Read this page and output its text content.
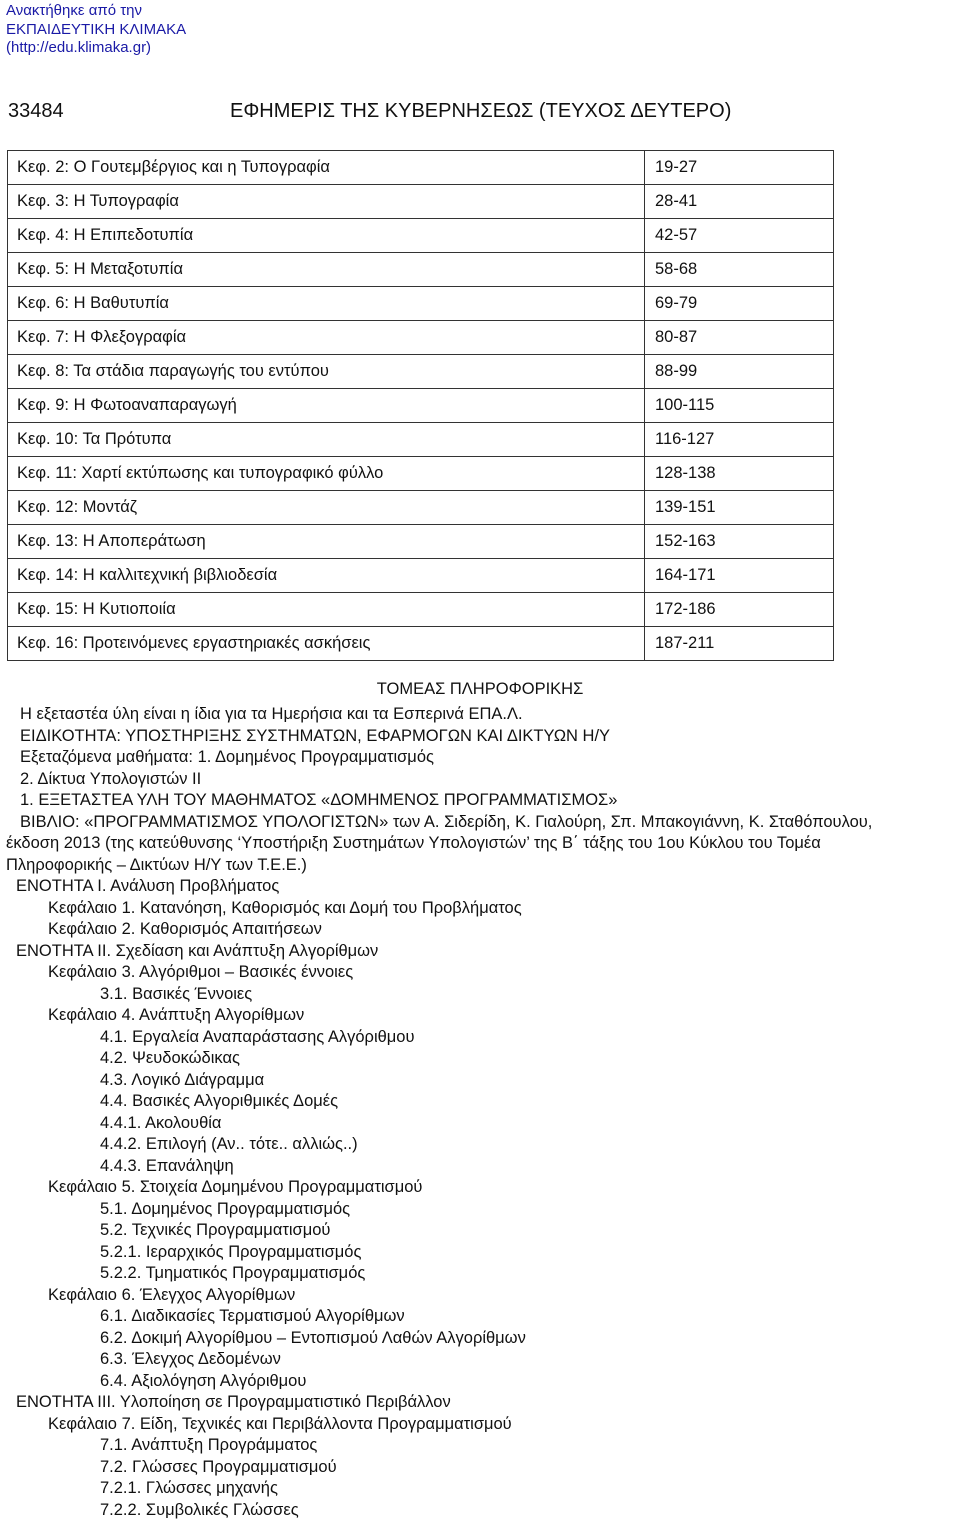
Ανακτήθηκε από την
ΕΚΠΑΙΔΕΥΤΙΚΗ ΚΛΙΜΑΚΑ
(http://edu.klimaka.gr)
33484	ΕΦΗΜΕΡΙΣ ΤΗΣ ΚΥΒΕΡΝΗΣΕΩΣ (ΤΕΥΧΟΣ ΔΕΥΤΕΡΟ)
Κεφ. 2: Ο Γουτεμβέργιος και η Τυπογραφία	19-27
Κεφ. 3: Η Τυπογραφία	28-41
Κεφ. 4: Η Επιπεδοτυπία	42-57
Κεφ. 5: Η Μεταξοτυπία	58-68
Κεφ. 6: Η Βαθυτυπία	69-79
Κεφ. 7: Η Φλεξογραφία	80-87
Κεφ. 8: Τα στάδια παραγωγής του εντύπου	88-99
Κεφ. 9: Η Φωτοαναπαραγωγή	100-115
Κεφ. 10: Τα Πρότυπα	116-127
Κεφ. 11: Χαρτί εκτύπωσης και τυπογραφικό φύλλο	128-138
Κεφ. 12: Μοντάζ	139-151
Κεφ. 13: Η Αποπεράτωση	152-163
Κεφ. 14: Η καλλιτεχνική βιβλιοδεσία	164-171
Κεφ. 15: Η Κυτιοποιία	172-186
Κεφ. 16: Προτεινόμενες εργαστηριακές ασκήσεις	187-211
ΤΟΜΕΑΣ ΠΛΗΡΟΦΟΡΙΚΗΣ
Η εξεταστέα ύλη είναι η ίδια για τα Ημερήσια και τα Εσπερινά ΕΠΑ.Λ.
ΕΙΔΙΚΟΤΗΤΑ: ΥΠΟΣΤΗΡΙΞΗΣ ΣΥΣΤΗΜΑΤΩΝ, ΕΦΑΡΜΟΓΩΝ ΚΑΙ ΔΙΚΤΥΩΝ Η/Υ
Εξεταζόμενα μαθήματα: 1. Δομημένος Προγραμματισμός
2. Δίκτυα Υπολογιστών ΙΙ
1. ΕΞΕΤΑΣΤΕΑ ΥΛΗ ΤΟΥ ΜΑΘΗΜΑΤΟΣ «ΔΟΜΗΜΕΝΟΣ ΠΡΟΓΡΑΜΜΑΤΙΣΜΟΣ»
ΒΙΒΛΙΟ: «ΠΡΟΓΡΑΜΜΑΤΙΣΜΟΣ ΥΠΟΛΟΓΙΣΤΩΝ» των Α. Σιδερίδη, Κ. Γιαλούρη, Σπ. Μπακογιάννη, Κ. Σταθόπουλου,
έκδοση 2013 (της κατεύθυνσης ‘Υποστήριξη Συστημάτων Υπολογιστών’ της Β΄ τάξης του 1ου Κύκλου του Τομέα
Πληροφορικής – Δικτύων Η/Υ των Τ.Ε.Ε.)
ΕΝΟΤΗΤΑ Ι. Ανάλυση Προβλήματος
Κεφάλαιο 1. Κατανόηση, Καθορισμός και Δομή του Προβλήματος
Κεφάλαιο 2. Καθορισμός Απαιτήσεων
ΕΝΟΤΗΤΑ ΙΙ. Σχεδίαση και Ανάπτυξη Αλγορίθμων
Κεφάλαιο 3. Αλγόριθμοι – Βασικές έννοιες
3.1. Βασικές Έννοιες
Κεφάλαιο 4. Ανάπτυξη Αλγορίθμων
4.1. Εργαλεία Αναπαράστασης Αλγόριθμου
4.2. Ψευδοκώδικας
4.3. Λογικό Διάγραμμα
4.4. Βασικές Αλγοριθμικές Δομές
4.4.1. Ακολουθία
4.4.2. Επιλογή (Αν.. τότε.. αλλιώς..)
4.4.3. Επανάληψη
Κεφάλαιο 5. Στοιχεία Δομημένου Προγραμματισμού
5.1. Δομημένος Προγραμματισμός
5.2. Τεχνικές Προγραμματισμού
5.2.1. Ιεραρχικός Προγραμματισμός
5.2.2. Τμηματικός Προγραμματισμός
Κεφάλαιο 6. Έλεγχος Αλγορίθμων
6.1. Διαδικασίες Τερματισμού Αλγορίθμων
6.2. Δοκιμή Αλγορίθμου – Εντοπισμού Λαθών Αλγορίθμων
6.3. Έλεγχος Δεδομένων
6.4. Αξιολόγηση Αλγόριθμου
ΕΝΟΤΗΤΑ ΙΙΙ. Υλοποίηση σε Προγραμματιστικό Περιβάλλον
Κεφάλαιο 7. Είδη, Τεχνικές και Περιβάλλοντα Προγραμματισμού
7.1. Ανάπτυξη Προγράμματος
7.2. Γλώσσες Προγραμματισμού
7.2.1. Γλώσσες μηχανής
7.2.2. Συμβολικές Γλώσσες
